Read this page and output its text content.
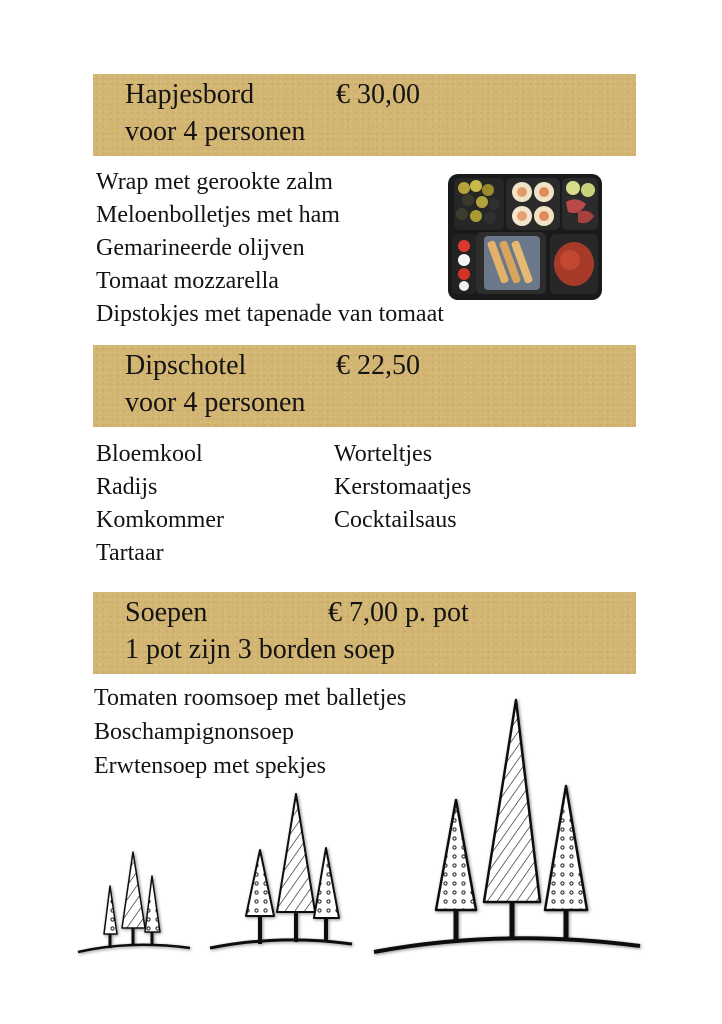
Hapjesbord	€ 30,00
voor 4 personen
Wrap met gerookte zalm
Meloenbolletjes met ham
Gemarineerde olijven
Tomaat mozzarella
Dipstokjes met tapenade van tomaat
Dipschotel	€ 22,50
voor 4 personen
Bloemkool
Radijs
Komkommer
Tartaar
Worteltjes
Kerstomaatjes
Cocktailsaus
Soepen	€ 7,00 p. pot
1 pot zijn 3 borden soep
Tomaten roomsoep met balletjes
Boschampignonsoep
Erwtensoep met spekjes
